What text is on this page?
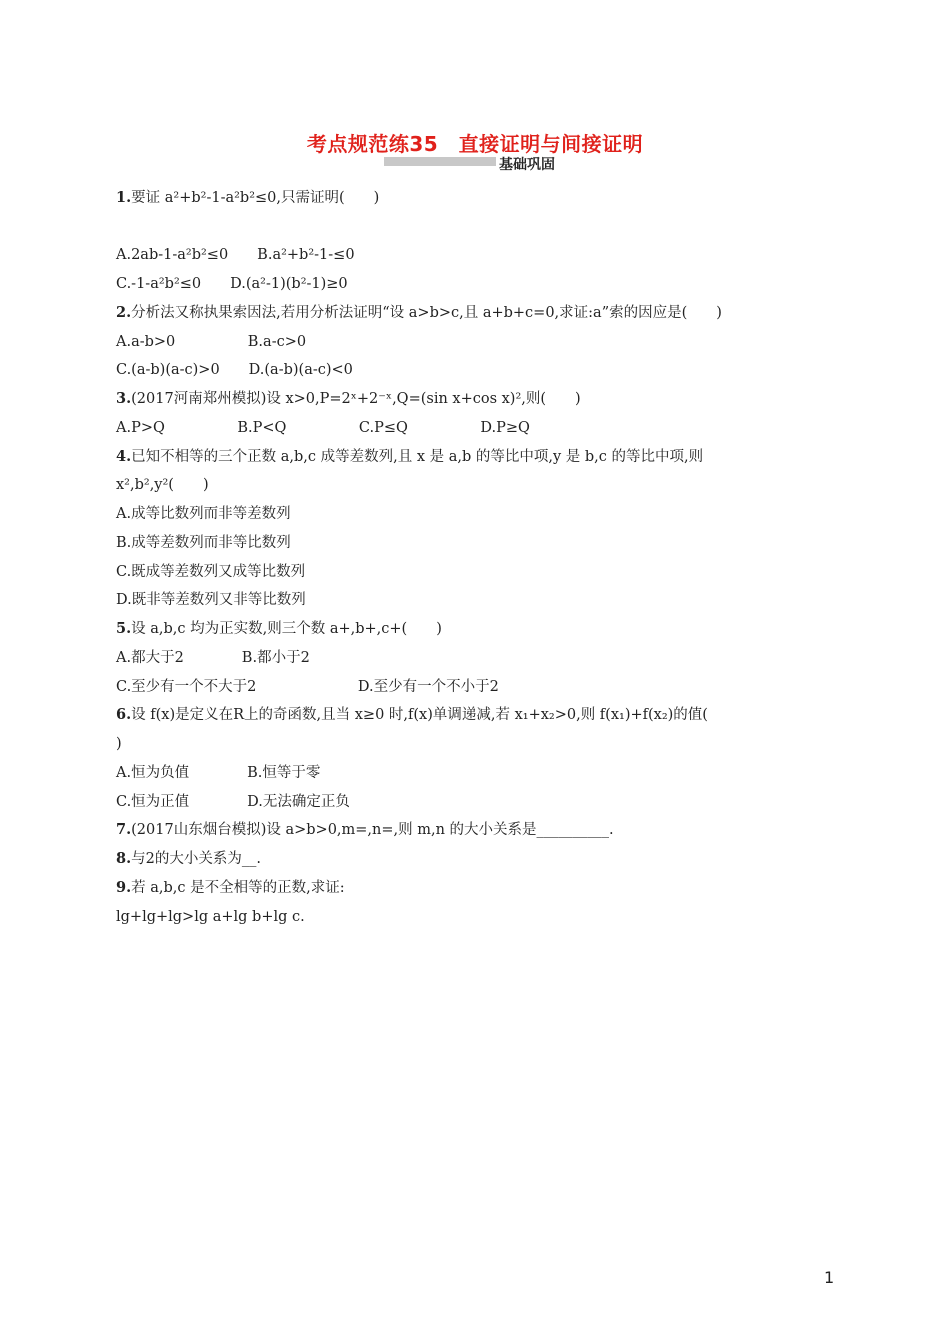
考点规范练35　直接证明与间接证明
基础巩固
1.要证 a²+b²-1-a²b²≤0,只需证明(　　)
A.2ab-1-a²b²≤0　　B.a²+b²-1-≤0
C.-1-a²b²≤0　　D.(a²-1)(b²-1)≥0
2.分析法又称执果索因法,若用分析法证明“设 a>b>c,且 a+b+c=0,求证:a”索的因应是(　　)
A.a-b>0　　　　　B.a-c>0
C.(a-b)(a-c)>0　　D.(a-b)(a-c)<0
3.(2017河南郑州模拟)设 x>0,P=2ˣ+2⁻ˣ,Q=(sin x+cos x)²,则(　　)
A.P>Q　　　　　B.P<Q　　　　　C.P≤Q　　　　　D.P≥Q
4.已知不相等的三个正数 a,b,c 成等差数列,且 x 是 a,b 的等比中项,y 是 b,c 的等比中项,则
x²,b²,y²(　　)
A.成等比数列而非等差数列
B.成等差数列而非等比数列
C.既成等差数列又成等比数列
D.既非等差数列又非等比数列
5.设 a,b,c 均为正实数,则三个数 a+,b+,c+(　　)
A.都大于2　　　　B.都小于2
C.至少有一个不大于2　　　　　　　D.至少有一个不小于2
6.设 f(x)是定义在R上的奇函数,且当 x≥0 时,f(x)单调递减,若 x₁+x₂>0,则 f(x₁)+f(x₂)的值(
)
A.恒为负值　　　　B.恒等于零
C.恒为正值　　　　D.无法确定正负
7.(2017山东烟台模拟)设 a>b>0,m=,n=,则 m,n 的大小关系是__________.
8.与2的大小关系为__.
9.若 a,b,c 是不全相等的正数,求证:
lg+lg+lg>lg a+lg b+lg c.
1
